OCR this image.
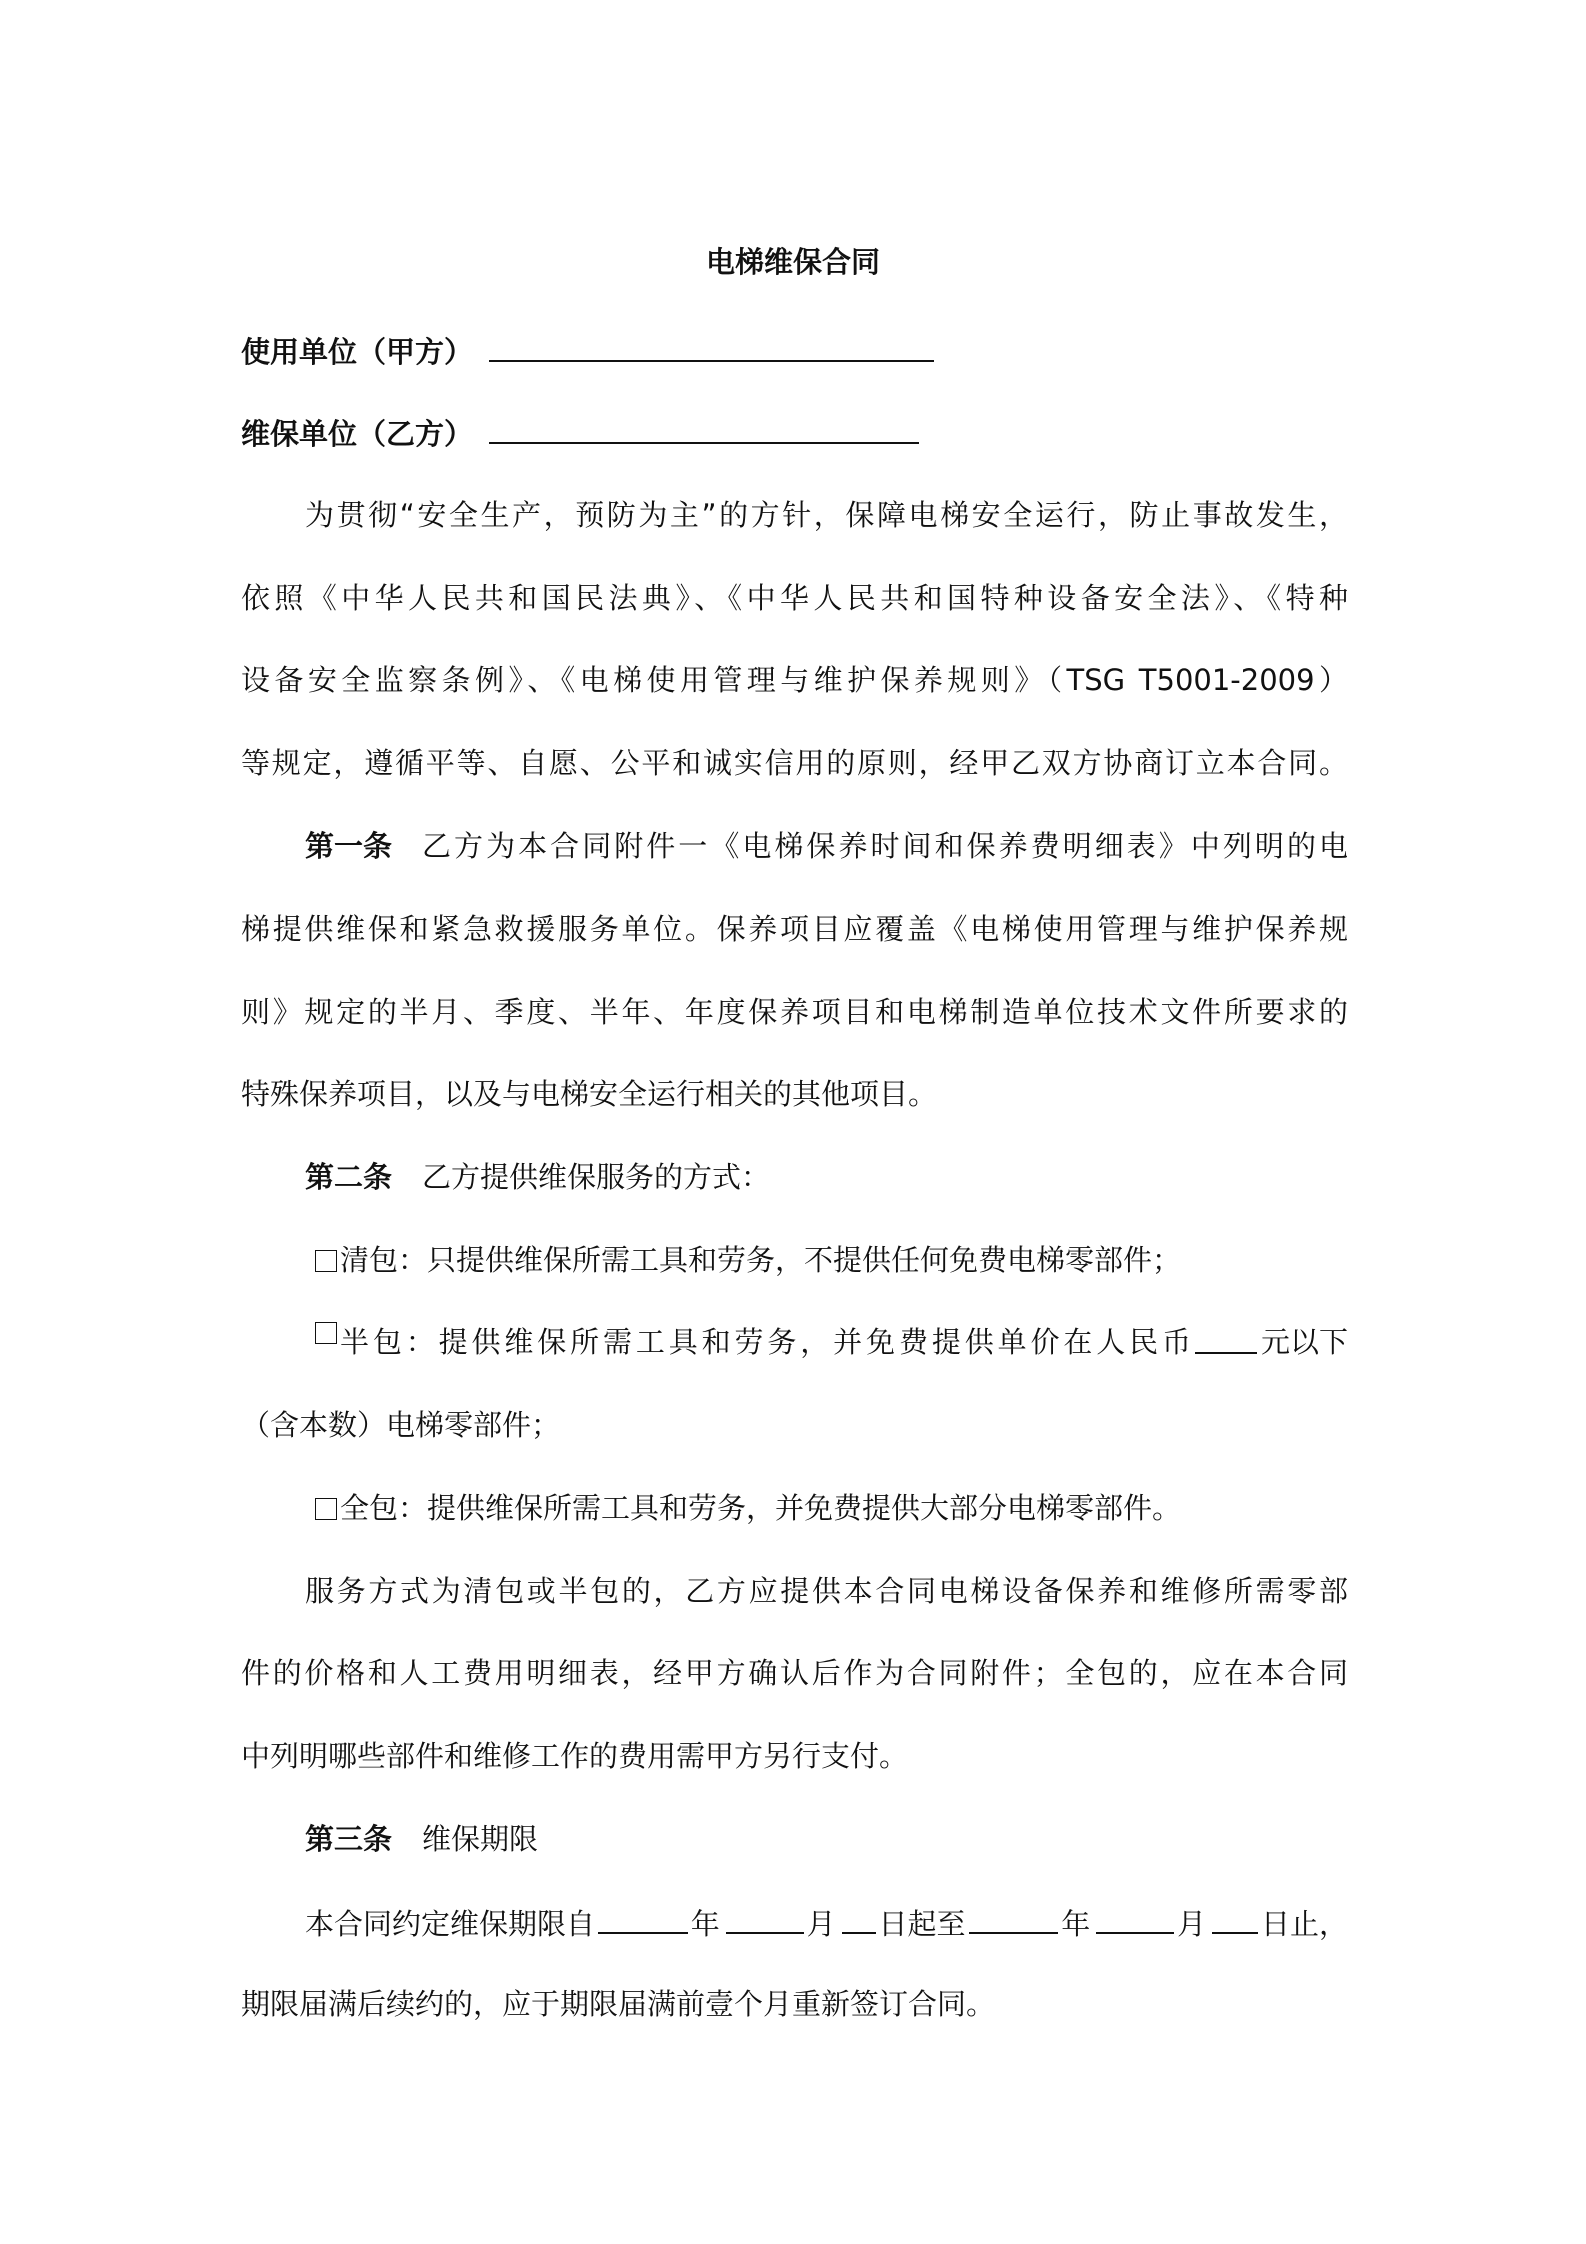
电梯维保合同
使用单位（甲方）
维保单位（乙方）
为贯彻“安全生产，预防为主”的方针，保障电梯安全运行，防止事故发生，
依照《中华人民共和国民法典》、《中华人民共和国特种设备安全法》、《特种
设备安全监察条例》、《电梯使用管理与维护保养规则》（TSG T5001-2009）
等规定，遵循平等、自愿、公平和诚实信用的原则，经甲乙双方协商订立本合同。
第一条 乙方为本合同附件一《电梯保养时间和保养费明细表》中列明的电
梯提供维保和紧急救援服务单位。保养项目应覆盖《电梯使用管理与维护保养规
则》规定的半月、季度、半年、年度保养项目和电梯制造单位技术文件所要求的
特殊保养项目，以及与电梯安全运行相关的其他项目。
第二条 乙方提供维保服务的方式：
清包：只提供维保所需工具和劳务，不提供任何免费电梯零部件；
半包：提供维保所需工具和劳务，并免费提供单价在人民币 元以下
（含本数）电梯零部件；
全包：提供维保所需工具和劳务，并免费提供大部分电梯零部件。
服务方式为清包或半包的，乙方应提供本合同电梯设备保养和维修所需零部
件的价格和人工费用明细表，经甲方确认后作为合同附件；全包的，应在本合同
中列明哪些部件和维修工作的费用需甲方另行支付。
第三条 维保期限
本合同约定维保期限自	年	月 日起至	年	月 日止，
期限届满后续约的，应于期限届满前壹个月重新签订合同。
